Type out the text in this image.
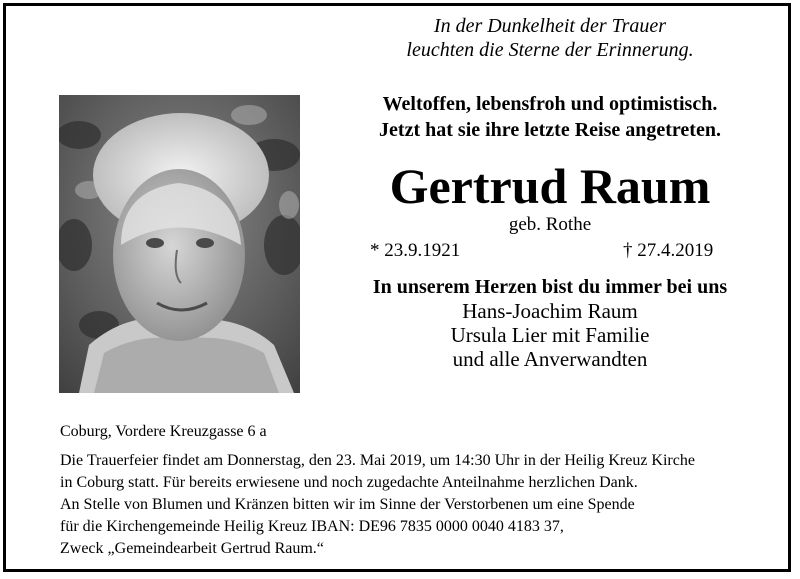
In der Dunkelheit der Trauer
leuchten die Sterne der Erinnerung.
Weltoffen, lebensfroh und optimistisch.
Jetzt hat sie ihre letzte Reise angetreten.
Gertrud Raum
geb. Rothe
* 23.9.1921	† 27.4.2019
In unserem Herzen bist du immer bei uns
Hans-Joachim Raum
Ursula Lier mit Familie
und alle Anverwandten
Coburg, Vordere Kreuzgasse 6 a
Die Trauerfeier findet am Donnerstag, den 23. Mai 2019, um 14:30 Uhr in der Heilig Kreuz Kirche
in Coburg statt. Für bereits erwiesene und noch zugedachte Anteilnahme herzlichen Dank.
An Stelle von Blumen und Kränzen bitten wir im Sinne der Verstorbenen um eine Spende
für die Kirchengemeinde Heilig Kreuz IBAN: DE96 7835 0000 0040 4183 37,
Zweck „Gemeindearbeit Gertrud Raum.“
